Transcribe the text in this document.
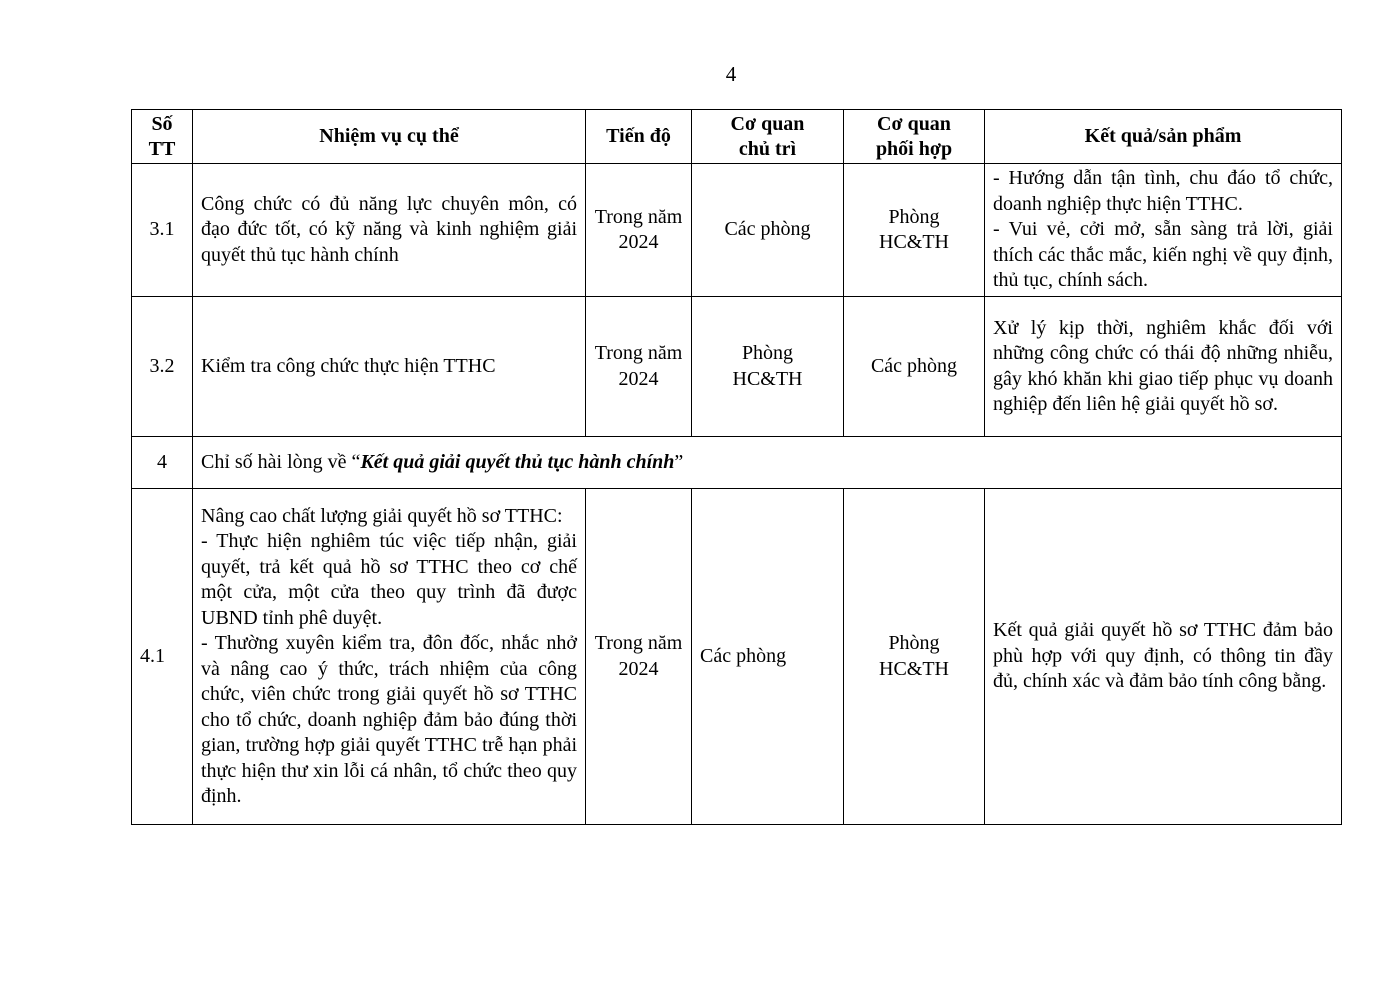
4
Số TT	Nhiệm vụ cụ thể	Tiến độ	Cơ quan chủ trì	Cơ quan phối hợp	Kết quả/sản phẩm
3.1	Công chức có đủ năng lực chuyên môn, có đạo đức tốt, có kỹ năng và kinh nghiệm giải quyết thủ tục hành chính	Trong năm 2024	Các phòng	Phòng HC&TH	- Hướng dẫn tận tình, chu đáo tổ chức, doanh nghiệp thực hiện TTHC.
- Vui vẻ, cởi mở, sẵn sàng trả lời, giải thích các thắc mắc, kiến nghị về quy định, thủ tục, chính sách.

3.2	Kiểm tra công chức thực hiện TTHC	Trong năm 2024	Phòng HC&TH	Các phòng	Xử lý kịp thời, nghiêm khắc đối với những công chức có thái độ những nhiễu, gây khó khăn khi giao tiếp phục vụ doanh nghiệp đến liên hệ giải quyết hồ sơ.
4	Chỉ số hài lòng về “Kết quả giải quyết thủ tục hành chính”				
4.1	Nâng cao chất lượng giải quyết hồ sơ TTHC:
- Thực hiện nghiêm túc việc tiếp nhận, giải quyết, trả kết quả hồ sơ TTHC theo cơ chế một cửa, một cửa theo quy trình đã được UBND tỉnh phê duyệt.
- Thường xuyên kiểm tra, đôn đốc, nhắc nhở và nâng cao ý thức, trách nhiệm của công chức, viên chức trong giải quyết hồ sơ TTHC cho tổ chức, doanh nghiệp đảm bảo đúng thời gian, trường hợp giải quyết TTHC trễ hạn phải thực hiện thư xin lỗi cá nhân, tổ chức theo quy định.	Trong năm 2024	Các phòng	Phòng HC&TH	Kết quả giải quyết hồ sơ TTHC đảm bảo phù hợp với quy định, có thông tin đầy đủ, chính xác và đảm bảo tính công bằng.
